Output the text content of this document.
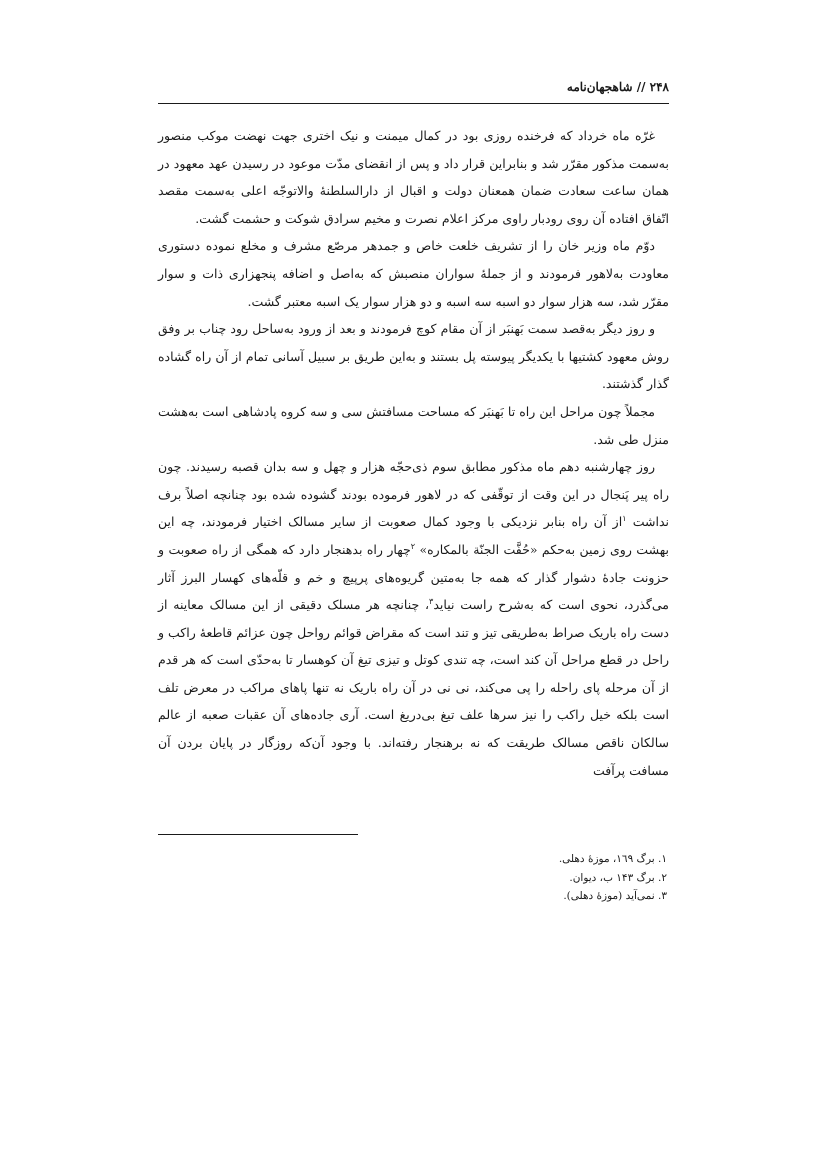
۲۴۸ // شاهجهان‌نامه

غرّه ماه خرداد که فرخنده روزی بود در کمال میمنت و نیک اختری جهت نهضت موکب منصور به‌سمت مذکور مقرّر شد و بنابراین قرار داد و پس از انقضای مدّت موعود در رسیدن عهد معهود در همان ساعت سعادت ضمان همعنان دولت و اقبال از دارالسلطنهٔ والاتوجّه اعلی به‌سمت مقصد اتّفاق افتاده آن روی رودبار راوی مرکز اعلام نصرت و مخیم سرادق شوکت و حشمت گشت.

دوّم ماه وزیر خان را از تشریف خلعت خاص و جمدهر مرصّع مشرف و مخلع نموده دستوری معاودت به‌لاهور فرمودند و از جملهٔ سواران منصبش که به‌اصل و اضافه پنجهزاری ذات و سوار مقرّر شد، سه هزار سوار دو اسبه سه اسبه و دو هزار سوار یک اسبه معتبر گشت.

و روز دیگر به‌قصد سمت بَهنبَر از آن مقام کوچ فرمودند و بعد از ورود به‌ساحل رود چناب بر وفق روش معهود کشتیها با یکدیگر پیوسته پل بستند و به‌این طریق بر سبیل آسانی تمام از آن راه گشاده گذار گذشتند.

مجملاً چون مراحل این راه تا بَهنبَر که مساحت مسافتش سی و سه کروه پادشاهی است به‌هشت منزل طی شد.

روز چهارشنبه دهم ماه مذکور مطابق سوم ذی‌حجّه هزار و چهل و سه بدان قصبه رسیدند. چون راه پیر پَنجال در این وقت از توقّفی که در لاهور فرموده بودند گشوده شده بود چنانچه اصلاً برف نداشت $^۱$از آن راه بنابر نزدیکی با وجود کمال صعوبت از سایر مسالک اختیار فرمودند، چه این بهشت روی زمین به‌حکم «حُفَّت الجنّة بالمکاره» $^۲$چهار راه بدهنجار دارد که همگی از راه صعوبت و حزونت جادهٔ دشوار گذار که همه جا به‌متین گریوه‌های پرپیچ و خم و قلّه‌های کهسار البرز آثار می‌گذرد، نحوی است که به‌شرح راست نیاید$^۳$، چنانچه هر مسلک دقیقی از این مسالک معاینه از دست راه باریک صراط به‌طریقی تیز و تند است که مقراض قوائم رواحل چون عزائم قاطعهٔ راکب و راحل در قطع مراحل آن کند است، چه تندی کوتل و تیزی تیغ آن کوهسار تا به‌حدّی است که هر قدم از آن مرحله پای راحله را پی می‌کند، نی نی در آن راه باریک نه تنها پاهای مراکب در معرض تلف است بلکه خیل راکب را نیز سرها علف تیغ بی‌دریغ است. آری جاده‌های آن عقبات صعبه از عالم سالکان ناقص مسالک طریقت که نه برهنجار رفته‌اند. با وجود آن‌که روزگار در پایان بردن آن مسافت پرآفت

۱. برگ ۱٦۹، موزهٔ دهلی.
۲. برگ ۱۴۳ ب، دیوان.
۳. نمی‌آید (موزهٔ دهلی).
